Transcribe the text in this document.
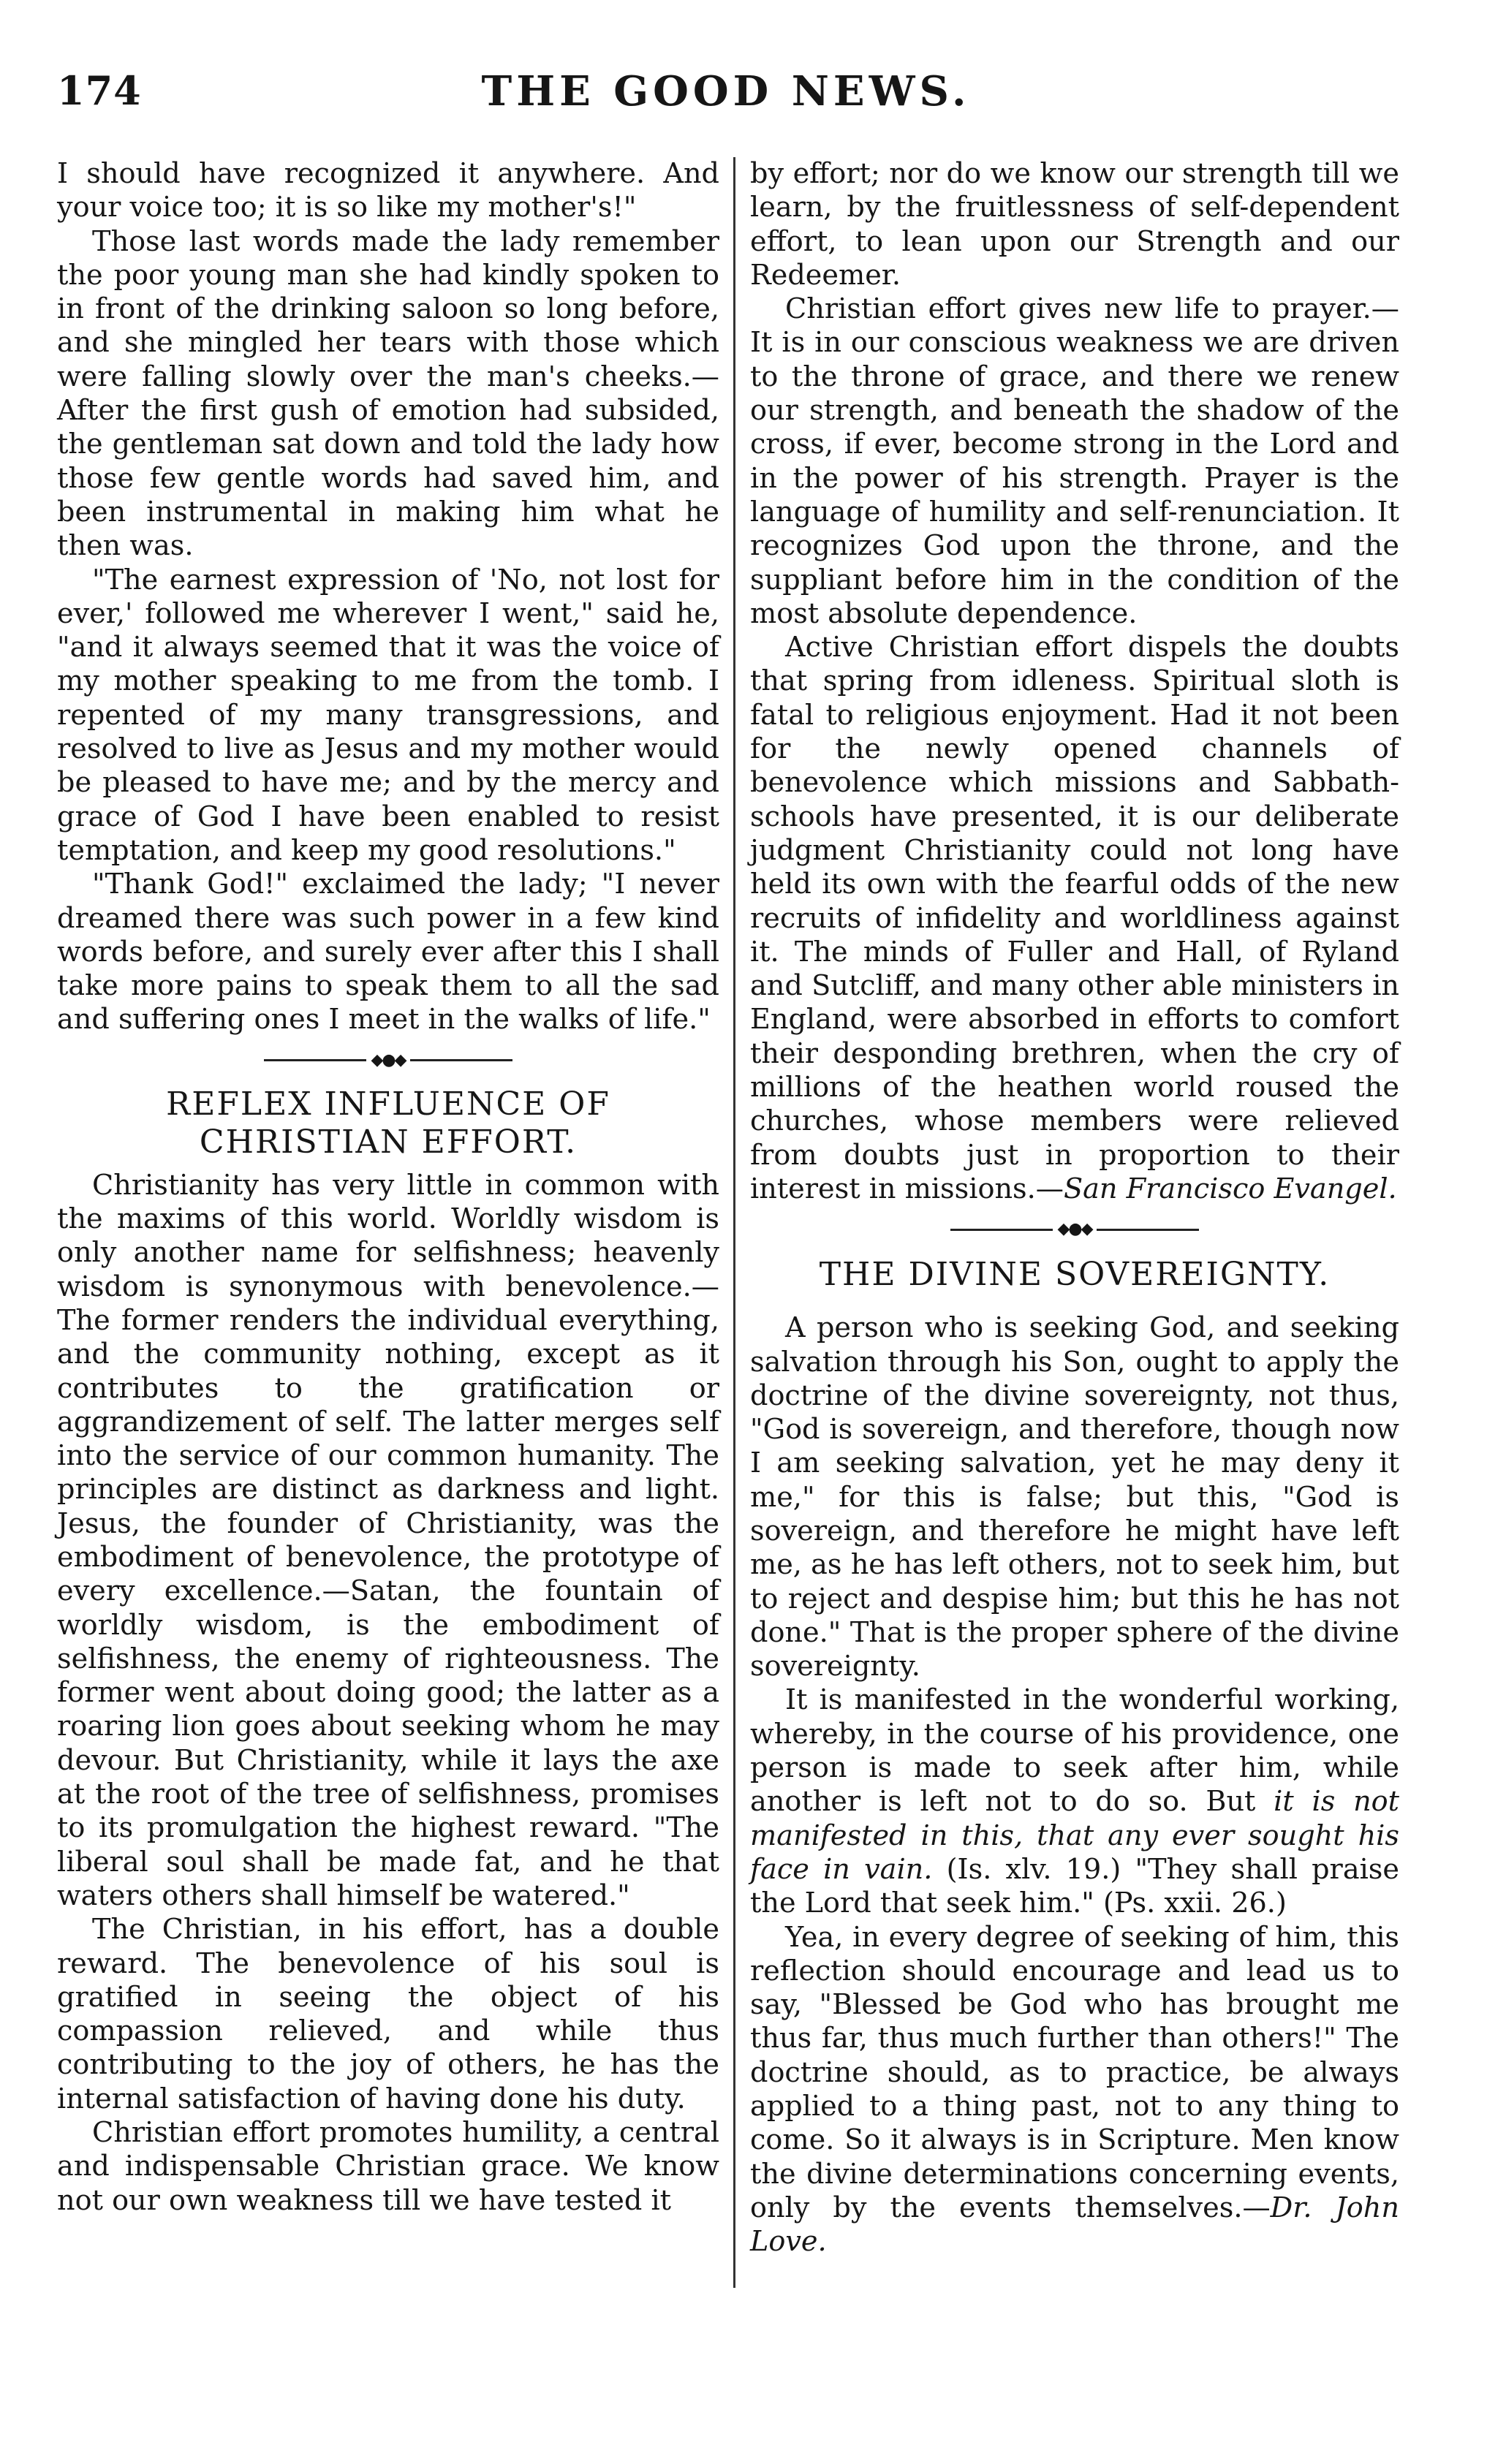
174	THE GOOD NEWS.

I should have recognized it anywhere. And your voice too; it is so like my mother's!"

Those last words made the lady remember the poor young man she had kindly spoken to in front of the drinking saloon so long before, and she mingled her tears with those which were falling slowly over the man's cheeks.—After the first gush of emotion had subsided, the gentleman sat down and told the lady how those few gentle words had saved him, and been instrumental in making him what he then was.

"The earnest expression of 'No, not lost for ever,' followed me wherever I went," said he, "and it always seemed that it was the voice of my mother speaking to me from the tomb. I repented of my many transgressions, and resolved to live as Jesus and my mother would be pleased to have me; and by the mercy and grace of God I have been enabled to resist temptation, and keep my good resolutions."

"Thank God!" exclaimed the lady; "I never dreamed there was such power in a few kind words before, and surely ever after this I shall take more pains to speak them to all the sad and suffering ones I meet in the walks of life."

◆●◆
REFLEX INFLUENCE OF CHRISTIAN EFFORT.

Christianity has very little in common with the maxims of this world. Worldly wisdom is only another name for selfishness; heavenly wisdom is synonymous with benevolence.—The former renders the individual everything, and the community nothing, except as it contributes to the gratification or aggrandizement of self. The latter merges self into the service of our common humanity. The principles are distinct as darkness and light. Jesus, the founder of Christianity, was the embodiment of benevolence, the prototype of every excellence.—Satan, the fountain of worldly wisdom, is the embodiment of selfishness, the enemy of righteousness. The former went about doing good; the latter as a roaring lion goes about seeking whom he may devour. But Christianity, while it lays the axe at the root of the tree of selfishness, promises to its promulgation the highest reward. "The liberal soul shall be made fat, and he that waters others shall himself be watered."

The Christian, in his effort, has a double reward. The benevolence of his soul is gratified in seeing the object of his compassion relieved, and while thus contributing to the joy of others, he has the internal satisfaction of having done his duty.

Christian effort promotes humility, a central and indispensable Christian grace. We know not our own weakness till we have tested it

by effort; nor do we know our strength till we learn, by the fruitlessness of self-dependent effort, to lean upon our Strength and our Redeemer.

Christian effort gives new life to prayer.—It is in our conscious weakness we are driven to the throne of grace, and there we renew our strength, and beneath the shadow of the cross, if ever, become strong in the Lord and in the power of his strength. Prayer is the language of humility and self-renunciation. It recognizes God upon the throne, and the suppliant before him in the condition of the most absolute dependence.

Active Christian effort dispels the doubts that spring from idleness. Spiritual sloth is fatal to religious enjoyment. Had it not been for the newly opened channels of benevolence which missions and Sabbath-schools have presented, it is our deliberate judgment Christianity could not long have held its own with the fearful odds of the new recruits of infidelity and worldliness against it. The minds of Fuller and Hall, of Ryland and Sutcliff, and many other able ministers in England, were absorbed in efforts to comfort their desponding brethren, when the cry of millions of the heathen world roused the churches, whose members were relieved from doubts just in proportion to their interest in missions.—San Francisco Evangel.

◆●◆
THE DIVINE SOVEREIGNTY.

A person who is seeking God, and seeking salvation through his Son, ought to apply the doctrine of the divine sovereignty, not thus, "God is sovereign, and therefore, though now I am seeking salvation, yet he may deny it me," for this is false; but this, "God is sovereign, and therefore he might have left me, as he has left others, not to seek him, but to reject and despise him; but this he has not done." That is the proper sphere of the divine sovereignty.

It is manifested in the wonderful working, whereby, in the course of his providence, one person is made to seek after him, while another is left not to do so. But it is not manifested in this, that any ever sought his face in vain. (Is. xlv. 19.) "They shall praise the Lord that seek him." (Ps. xxii. 26.)

Yea, in every degree of seeking of him, this reflection should encourage and lead us to say, "Blessed be God who has brought me thus far, thus much further than others!" The doctrine should, as to practice, be always applied to a thing past, not to any thing to come. So it always is in Scripture. Men know the divine determinations concerning events, only by the events themselves.—Dr. John Love.
